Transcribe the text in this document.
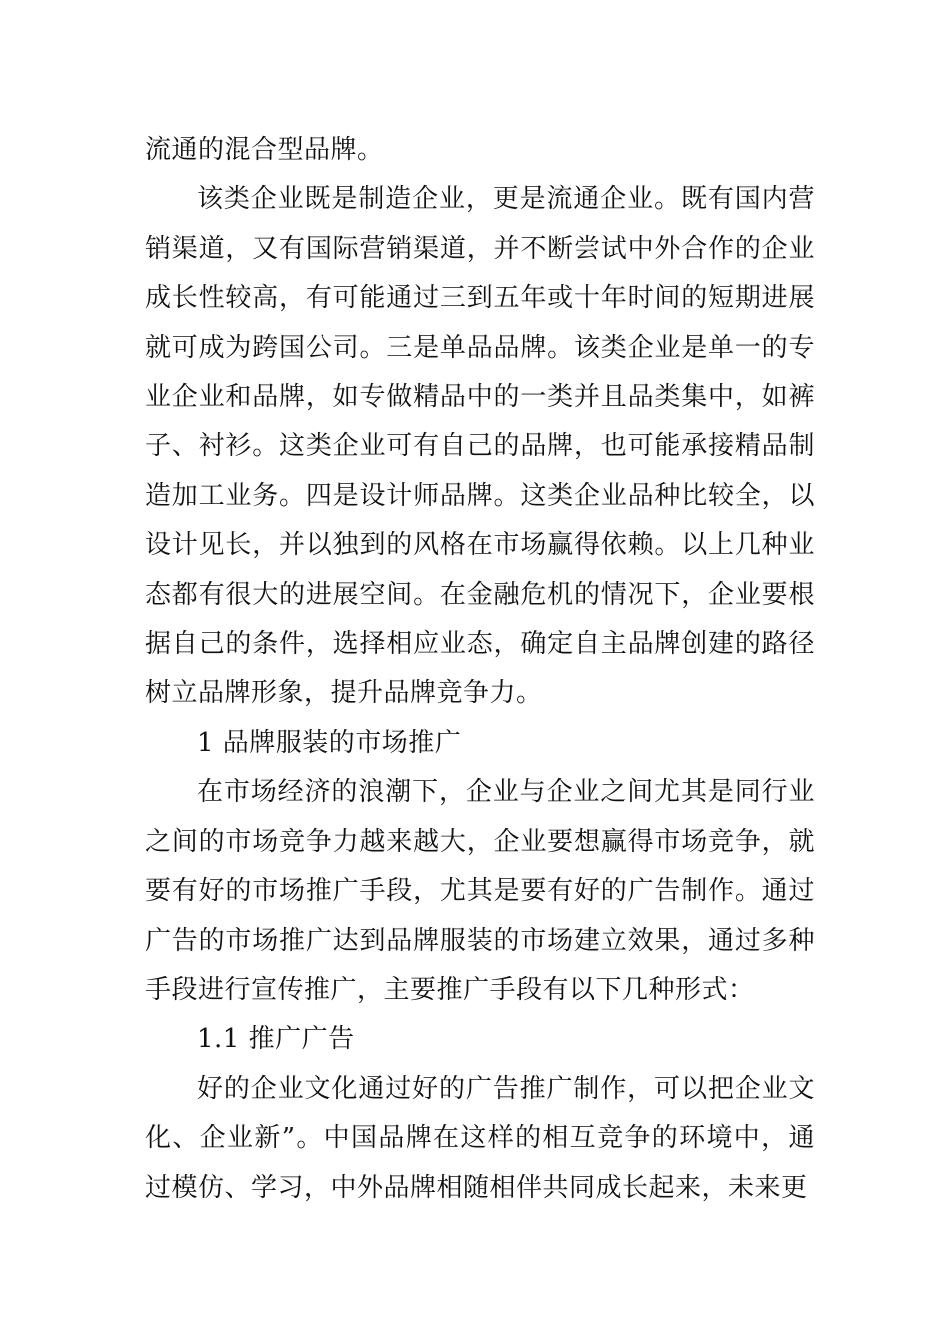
流通的混合型品牌。

该类企业既是制造企业，更是流通企业。既有国内营销渠道，又有国际营销渠道，并不断尝试中外合作的企业成长性较高，有可能通过三到五年或十年时间的短期进展就可成为跨国公司。三是单品品牌。该类企业是单一的专业企业和品牌，如专做精品中的一类并且品类集中，如裤子、衬衫。这类企业可有自己的品牌，也可能承接精品制造加工业务。四是设计师品牌。这类企业品种比较全，以设计见长，并以独到的风格在市场赢得依赖。以上几种业态都有很大的进展空间。在金融危机的情况下，企业要根据自己的条件，选择相应业态，确定自主品牌创建的路径树立品牌形象，提升品牌竞争力。

1 品牌服装的市场推广

在市场经济的浪潮下，企业与企业之间尤其是同行业之间的市场竞争力越来越大，企业要想赢得市场竞争，就要有好的市场推广手段，尤其是要有好的广告制作。通过广告的市场推广达到品牌服装的市场建立效果，通过多种手段进行宣传推广，主要推广手段有以下几种形式：

1.1 推广广告

好的企业文化通过好的广告推广制作，可以把企业文化、企业新”。中国品牌在这样的相互竞争的环境中，通过模仿、学习，中外品牌相随相伴共同成长起来，未来更
